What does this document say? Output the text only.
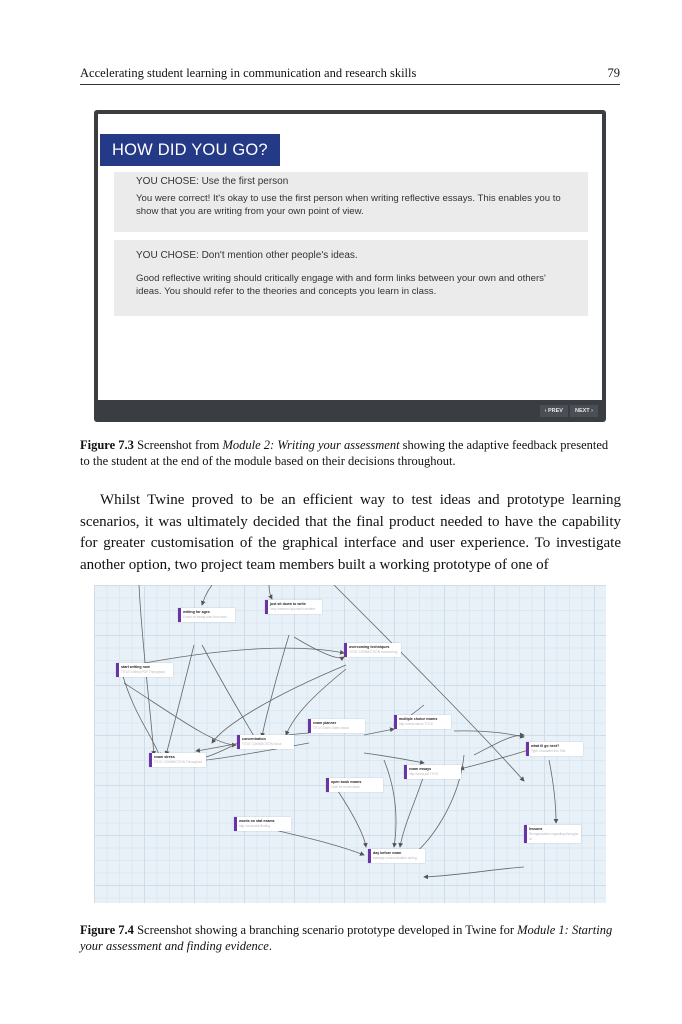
Accelerating student learning in communication and research skills	79
HOW DID YOU GO?
YOU CHOSE: Use the first person
You were correct! It's okay to use the first person when writing reflective essays. This enables you to show that you are writing from your own point of view.
YOU CHOSE: Don't mention other people's ideas.
Good reflective writing should critically engage with and form links between your own and others' ideas. You should refer to the theories and concepts you learn in class.
‹ PREV	NEXT ›
Figure 7.3 Screenshot from Module 2: Writing your assessment showing the adaptive feedback presented to the student at the end of the module based on their decisions throughout.
Whilst Twine proved to be an efficient way to test ideas and prototype learning scenarios, it was ultimately decided that the final product needed to have the capability for greater customisation of the graphical interface and user experience. To investigate another option, two project team members built a working prototype of one of
writing for ages
Focus on essay plan from start
just sit down to write
Very common approach student
start writing now
TITLE Embed PDF Throughout
overcoming techniques
TITLE CONNECTION overcoming
exam planner
TITLE Exam Dates about
concentration
TITLE CONNECTION focus
multiple choice exams
http://www.nature TITLE
what ill go next?
Type Character this Title
exam stress
TITLE CONNECTION Throughout
open book exams
Click for more reads
exam essays
http://www.pdf TITLE
words on stat exams
http://www.stat finding
lessons
Reorganisation regarding throughout
day before exam
manage communication during
Figure 7.4 Screenshot showing a branching scenario prototype developed in Twine for Module 1: Starting your assessment and finding evidence.
